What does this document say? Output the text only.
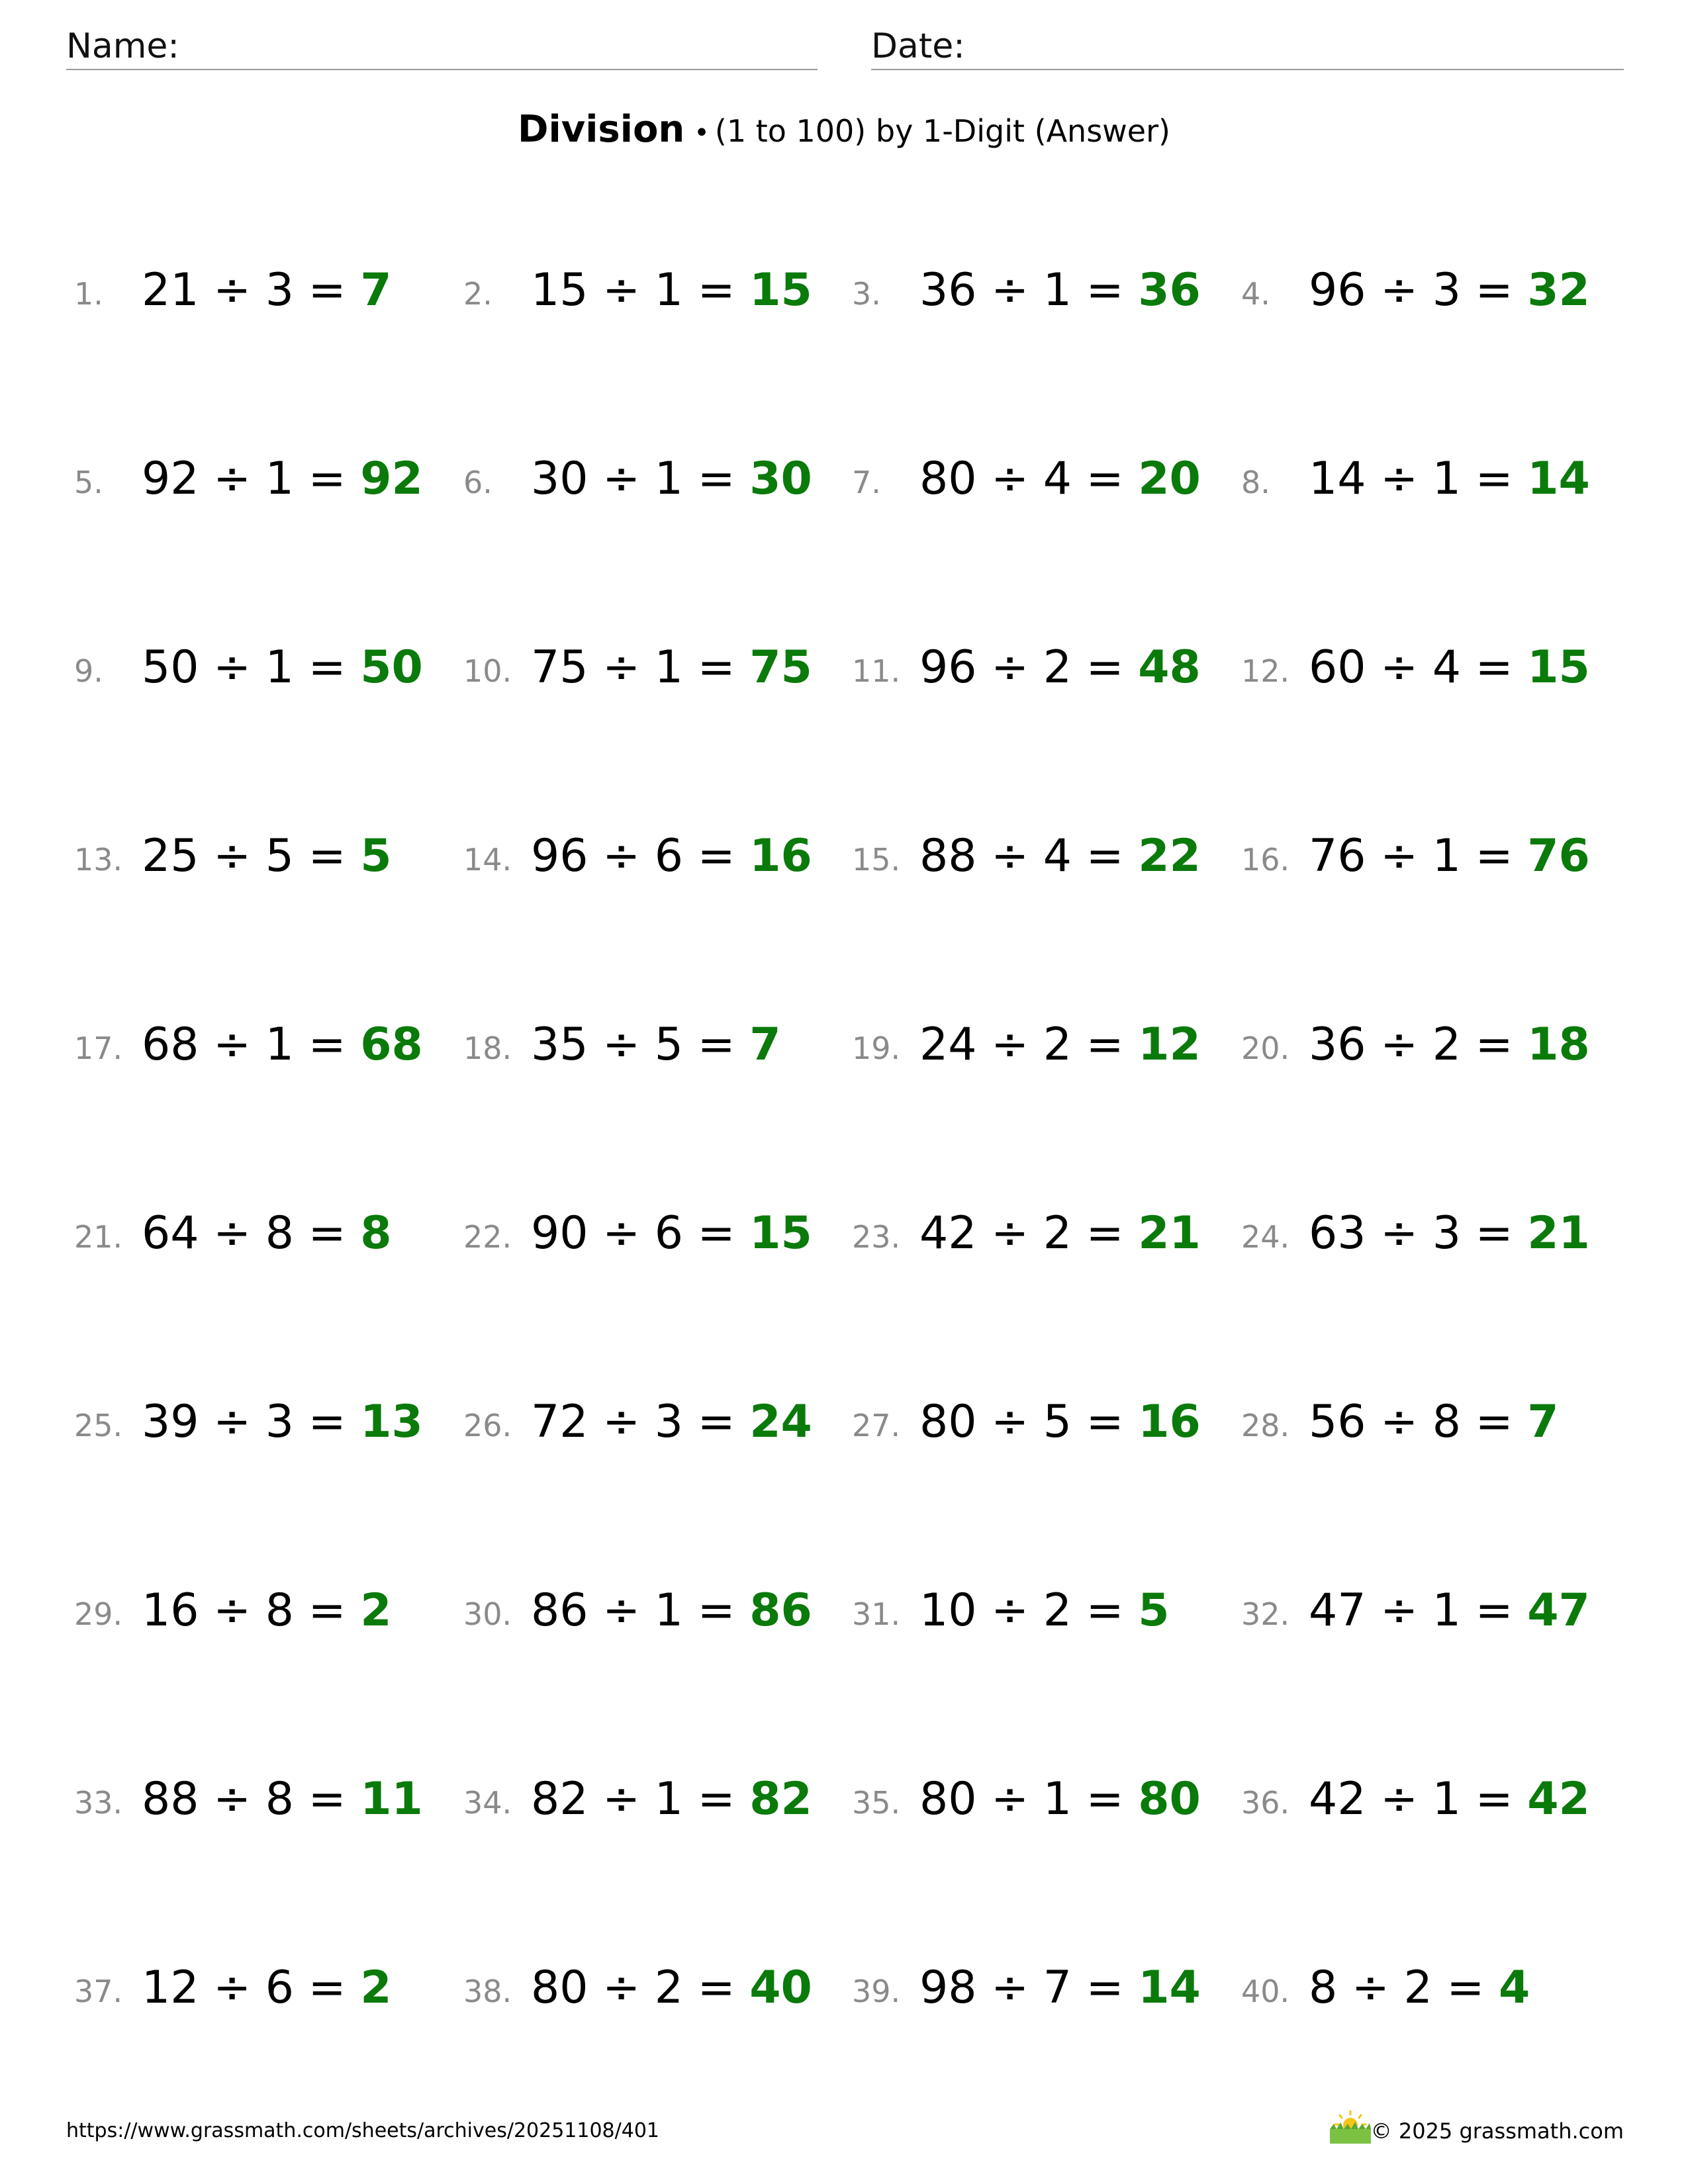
Name:	Date:
Division • (1 to 100) by 1-Digit (Answer)
1. 21 ÷ 3 = 7 2. 15 ÷ 1 = 15 3. 36 ÷ 1 = 36 4. 96 ÷ 3 = 32
5. 92 ÷ 1 = 92 6. 30 ÷ 1 = 30 7. 80 ÷ 4 = 20 8. 14 ÷ 1 = 14
9. 50 ÷ 1 = 50 10. 75 ÷ 1 = 75 11. 96 ÷ 2 = 48 12. 60 ÷ 4 = 15
13. 25 ÷ 5 = 5 14. 96 ÷ 6 = 16 15. 88 ÷ 4 = 22 16. 76 ÷ 1 = 76
17. 68 ÷ 1 = 68 18. 35 ÷ 5 = 7 19. 24 ÷ 2 = 12 20. 36 ÷ 2 = 18
21. 64 ÷ 8 = 8 22. 90 ÷ 6 = 15 23. 42 ÷ 2 = 21 24. 63 ÷ 3 = 21
25. 39 ÷ 3 = 13 26. 72 ÷ 3 = 24 27. 80 ÷ 5 = 16 28. 56 ÷ 8 = 7
29. 16 ÷ 8 = 2 30. 86 ÷ 1 = 86 31. 10 ÷ 2 = 5 32. 47 ÷ 1 = 47
33. 88 ÷ 8 = 11 34. 82 ÷ 1 = 82 35. 80 ÷ 1 = 80 36. 42 ÷ 1 = 42
37. 12 ÷ 6 = 2 38. 80 ÷ 2 = 40 39. 98 ÷ 7 = 14 40. 8 ÷ 2 = 4
https://www.grassmath.com/sheets/archives/20251108/401	© 2025 grassmath.com
